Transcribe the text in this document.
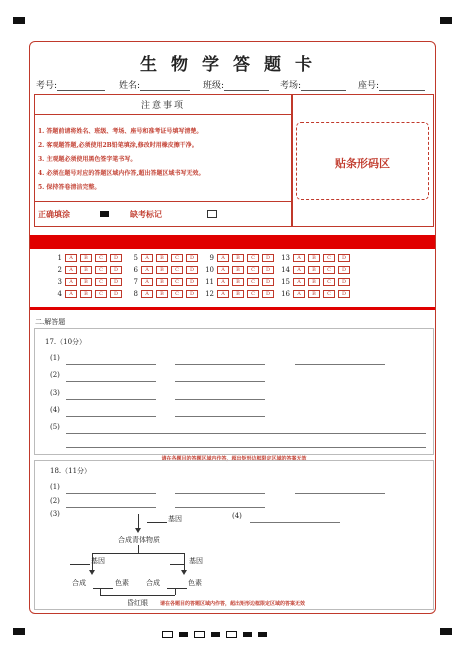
生物学答题卡
考号:	姓名:	班级:	考场:	座号:
注意事项
1. 答题前请将姓名、班级、考场、座号和准考证号填写清楚。
2. 客观题答题,必须使用2B铅笔填涂,修改时用橡皮擦干净。
3. 主观题必须使用黑色签字笔书写。
4. 必须在题号对应的答题区域内作答,超出答题区域书写无效。
5. 保持答卷清洁完整。
正确填涂	缺考标记
贴条形码区
1 A B C D
2 A B C D
3 A B C D
4 A B C D
5 A B C D
6 A B C D
7 A B C D
8 A B C D
9 A B C D
10 A B C D
11 A B C D
12 A B C D
13 A B C D
14 A B C D
15 A B C D
16 A B C D
二.解答题
17.（10分）
(1)
(2)
(3)
(4)
(5)
请在各题目的答题区域内作答，超出矩形边框限定区域的答案无效
18.（11分）
(1)
(2)
(3)	(4)
基因
合成青体物质
基因	基因
合成	色素 合成	色素
昏红眼 请在各题目的答题区域内作答，超出矩形边框限定区域的答案无效
